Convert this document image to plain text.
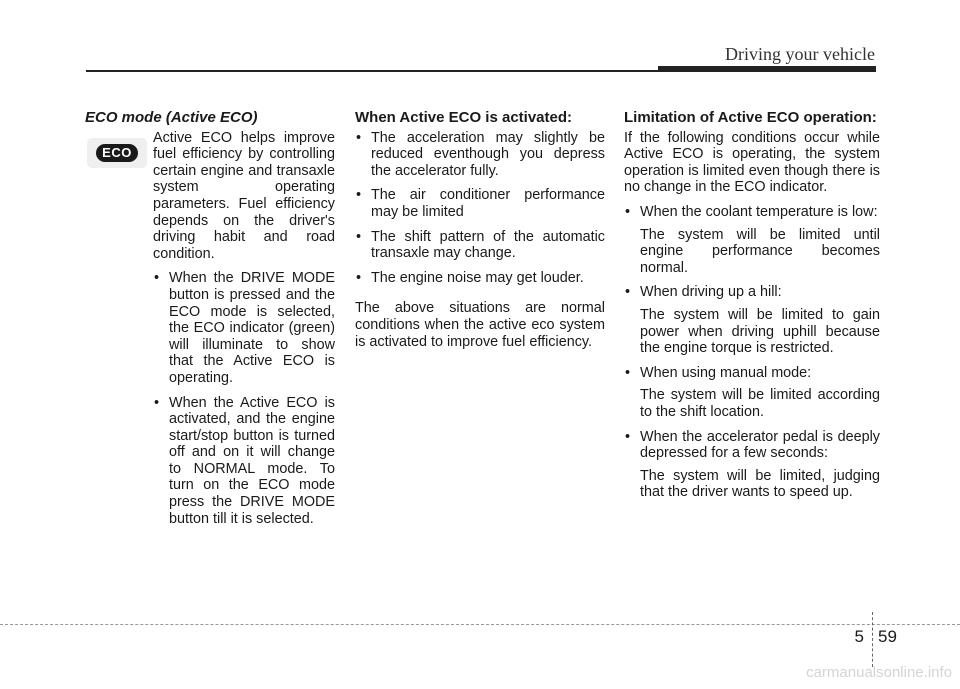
Driving your vehicle
ECO
ECO mode (Active ECO)

Active ECO helps improve fuel efficiency by controlling certain engine and transaxle system operating parameters. Fuel efficiency depends on the driver's driving habit and road condition.

• When the DRIVE MODE button is pressed and the ECO mode is selected, the ECO indicator (green) will illuminate to show that the Active ECO is operating.
• When the Active ECO is activated, and the engine start/stop button is turned off and on it will change to NORMAL mode. To turn on the ECO mode press the DRIVE MODE button till it is selected.
When Active ECO is activated:
• The acceleration may slightly be reduced eventhough you depress the accelerator fully.
• The air conditioner performance may be limited
• The shift pattern of the automatic transaxle may change.
• The engine noise may get louder.

The above situations are normal conditions when the active eco system is activated to improve fuel efficiency.

Limitation of Active ECO operation:

If the following conditions occur while Active ECO is operating, the system operation is limited even though there is no change in the ECO indicator.

• When the coolant temperature is low:

The system will be limited until engine performance becomes normal.

• When driving up a hill:

The system will be limited to gain power when driving uphill because the engine torque is restricted.

• When using manual mode:

The system will be limited according to the shift location.

• When the accelerator pedal is deeply depressed for a few seconds:

The system will be limited, judging that the driver wants to speed up.

5 59
carmanualsonline.info
